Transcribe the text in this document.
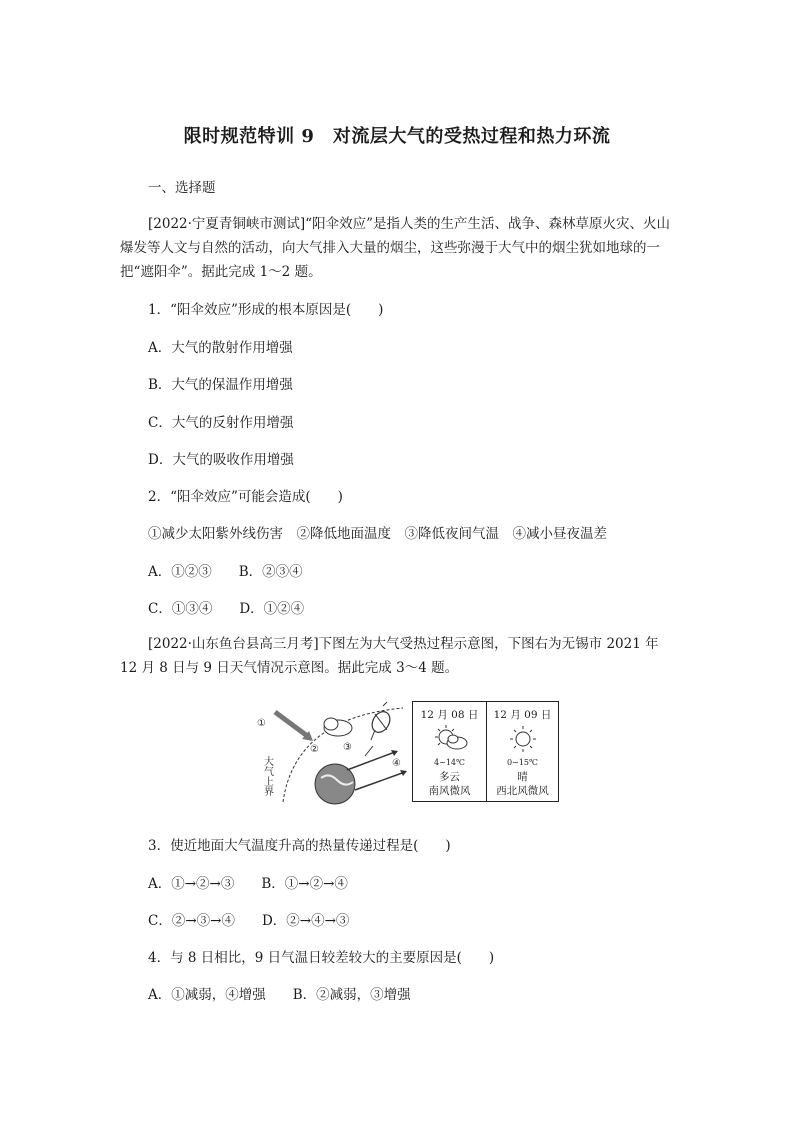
限时规范特训 9　对流层大气的受热过程和热力环流
一、选择题
[2022·宁夏青铜峡市测试]“阳伞效应”是指人类的生产生活、战争、森林草原火灾、火山爆发等人文与自然的活动，向大气排入大量的烟尘，这些弥漫于大气中的烟尘犹如地球的一把“遮阳伞”。据此完成 1～2 题。
1．“阳伞效应”形成的根本原因是(　　)
A．大气的散射作用增强
B．大气的保温作用增强
C．大气的反射作用增强
D．大气的吸收作用增强
2．“阳伞效应”可能会造成(　　)
①减少太阳紫外线伤害　②降低地面温度　③降低夜间气温　④减小昼夜温差
A．①②③　　B．②③④
C．①③④　　D．①②④
[2022·山东鱼台县高三月考]下图左为大气受热过程示意图，下图右为无锡市 2021 年 12 月 8 日与 9 日天气情况示意图。据此完成 3～4 题。
①
② ③
④
大气上界
12 月 08 日
4~14℃
多云
南风微风
12 月 09 日
0~15℃
晴
西北风微风
3．使近地面大气温度升高的热量传递过程是(　　)
A．①→②→③　　B．①→②→④
C．②→③→④　　D．②→④→③
4．与 8 日相比，9 日气温日较差较大的主要原因是(　　)
A．①减弱，④增强　　B．②减弱，③增强
